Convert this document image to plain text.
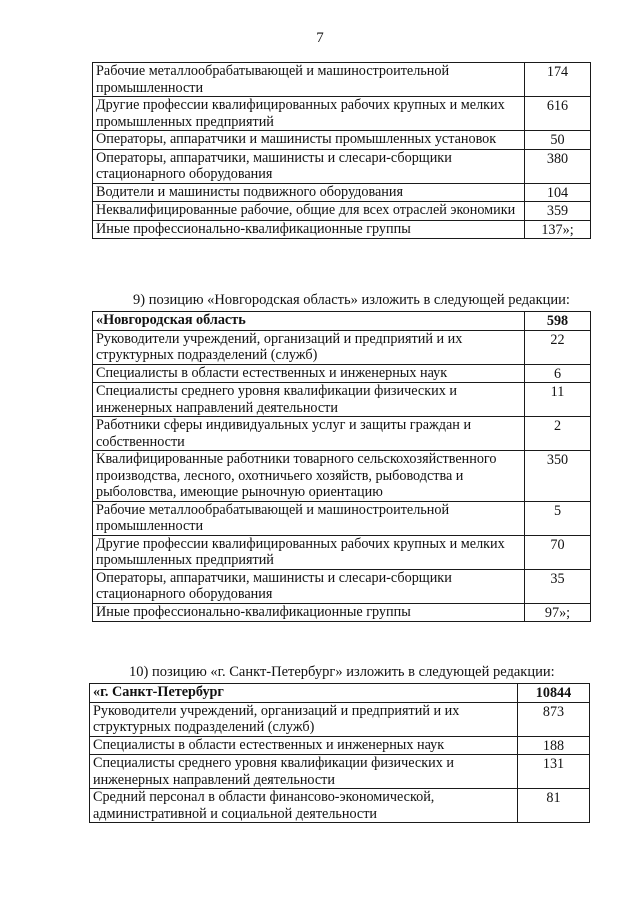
7
Рабочие металлообрабатывающей и машиностроительной промышленности	174
Другие профессии квалифицированных рабочих крупных и мелких промышленных предприятий	616
Операторы, аппаратчики и машинисты промышленных установок	50
Операторы, аппаратчики, машинисты и слесари-сборщики стационарного оборудования	380
Водители и машинисты подвижного оборудования	104
Неквалифицированные рабочие, общие для всех отраслей экономики	359
Иные профессионально-квалификационные группы	137»;
9) позицию «Новгородская область» изложить в следующей редакции:
«Новгородская область	598
Руководители учреждений, организаций и предприятий и их структурных подразделений (служб)	22
Специалисты в области естественных и инженерных наук	6
Специалисты среднего уровня квалификации физических и инженерных направлений деятельности	11
Работники сферы индивидуальных услуг и защиты граждан и собственности	2
Квалифицированные работники товарного сельскохозяйственного производства, лесного, охотничьего хозяйств, рыбоводства и рыболовства, имеющие рыночную ориентацию	350
Рабочие металлообрабатывающей и машиностроительной промышленности	5
Другие профессии квалифицированных рабочих крупных и мелких промышленных предприятий	70
Операторы, аппаратчики, машинисты и слесари-сборщики стационарного оборудования	35
Иные профессионально-квалификационные группы	97»;
10) позицию «г. Санкт-Петербург» изложить в следующей редакции:
«г. Санкт-Петербург	10844
Руководители учреждений, организаций и предприятий и их структурных подразделений (служб)	873
Специалисты в области естественных и инженерных наук	188
Специалисты среднего уровня квалификации физических и инженерных направлений деятельности	131
Средний персонал в области финансово-экономической, административной и социальной деятельности	81
